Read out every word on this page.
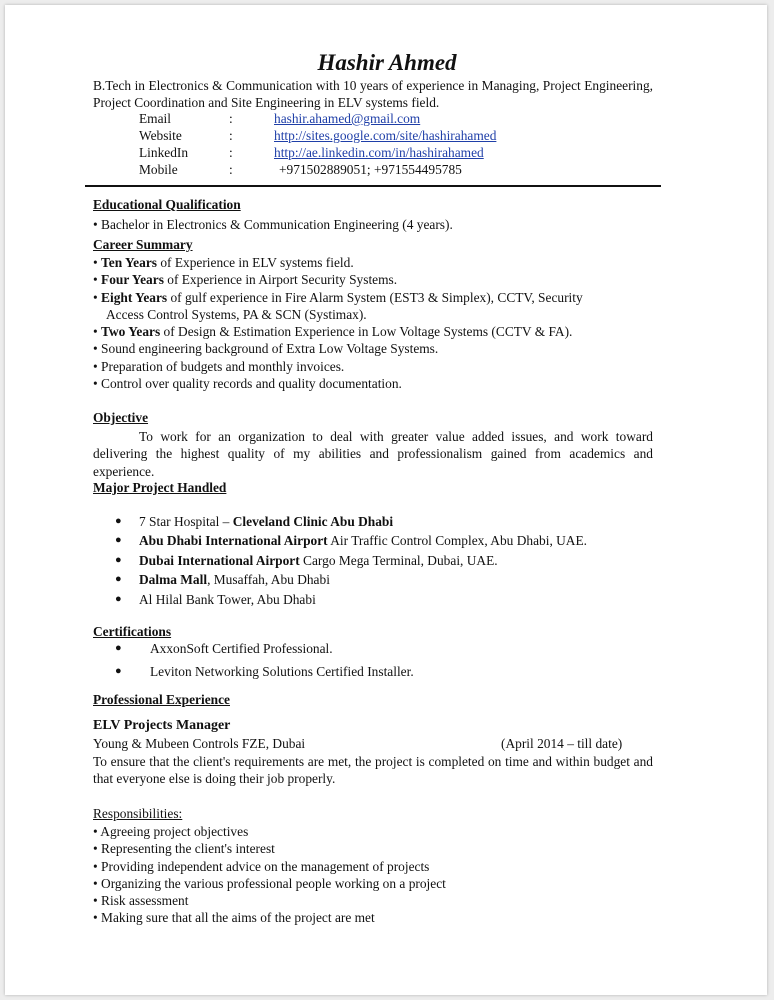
Hashir Ahmed
B.Tech in Electronics & Communication with 10 years of experience in Managing, Project Engineering, Project Coordination and Site Engineering in ELV systems field.
Email	:	hashir.ahamed@gmail.com
Website	:	http://sites.google.com/site/hashirahamed
LinkedIn	:	http://ae.linkedin.com/in/hashirahamed
Mobile	:	+971502889051; +971554495785
Educational Qualification
• Bachelor in Electronics & Communication Engineering (4 years).
Career Summary
• Ten Years of Experience in ELV systems field.
• Four Years of Experience in Airport Security Systems.
• Eight Years of gulf experience in Fire Alarm System (EST3 & Simplex), CCTV, Security
Access Control Systems, PA & SCN (Systimax).
• Two Years of Design & Estimation Experience in Low Voltage Systems (CCTV & FA).
• Sound engineering background of Extra Low Voltage Systems.
• Preparation of budgets and monthly invoices.
• Control over quality records and quality documentation.
Objective
To work for an organization to deal with greater value added issues, and work toward delivering the highest quality of my abilities and professionalism gained from academics and experience.
Major Project Handled
● 7 Star Hospital – Cleveland Clinic Abu Dhabi
● Abu Dhabi International Airport Air Traffic Control Complex, Abu Dhabi, UAE.
● Dubai International Airport Cargo Mega Terminal, Dubai, UAE.
● Dalma Mall, Musaffah, Abu Dhabi
● Al Hilal Bank Tower, Abu Dhabi
Certifications
● AxxonSoft Certified Professional.
● Leviton Networking Solutions Certified Installer.
Professional Experience
ELV Projects Manager
Young & Mubeen Controls FZE, Dubai	(April 2014 – till date)
To ensure that the client's requirements are met, the project is completed on time and within budget and that everyone else is doing their job properly.
Responsibilities:
• Agreeing project objectives
• Representing the client's interest
• Providing independent advice on the management of projects
• Organizing the various professional people working on a project
• Risk assessment
• Making sure that all the aims of the project are met
